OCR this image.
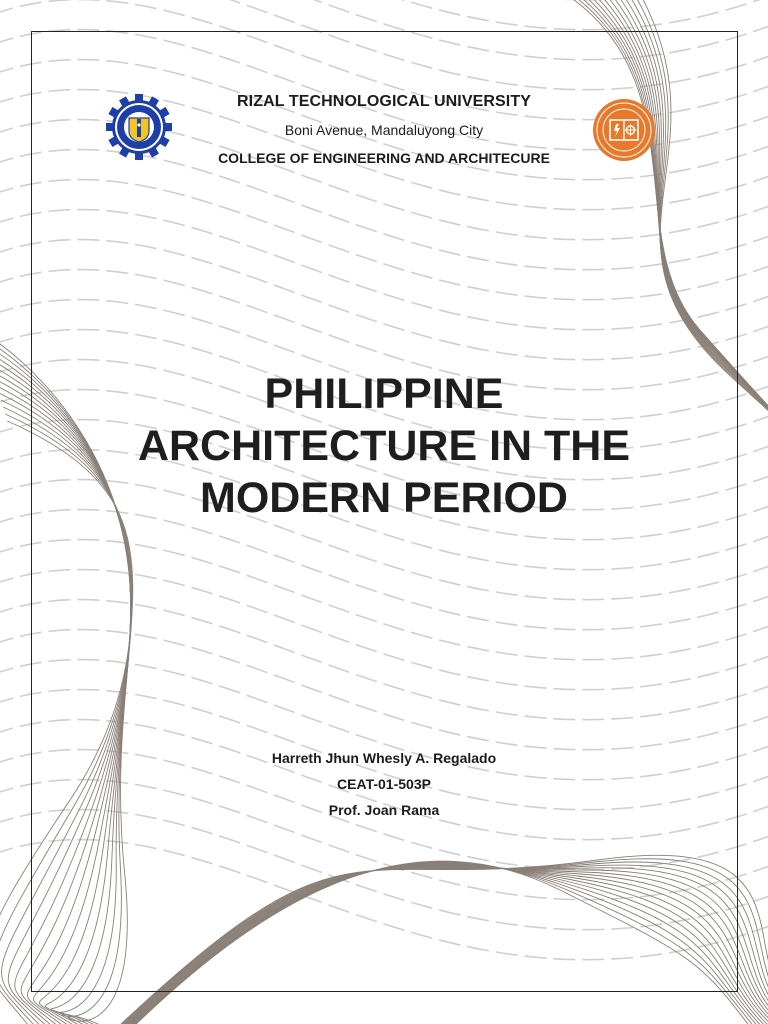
RIZAL TECHNOLOGICAL UNIVERSITY
Boni Avenue, Mandaluyong City
COLLEGE OF ENGINEERING AND ARCHITECURE
PHILIPPINE
ARCHITECTURE IN THE
MODERN PERIOD
Harreth Jhun Whesly A. Regalado
CEAT-01-503P
Prof. Joan Rama
